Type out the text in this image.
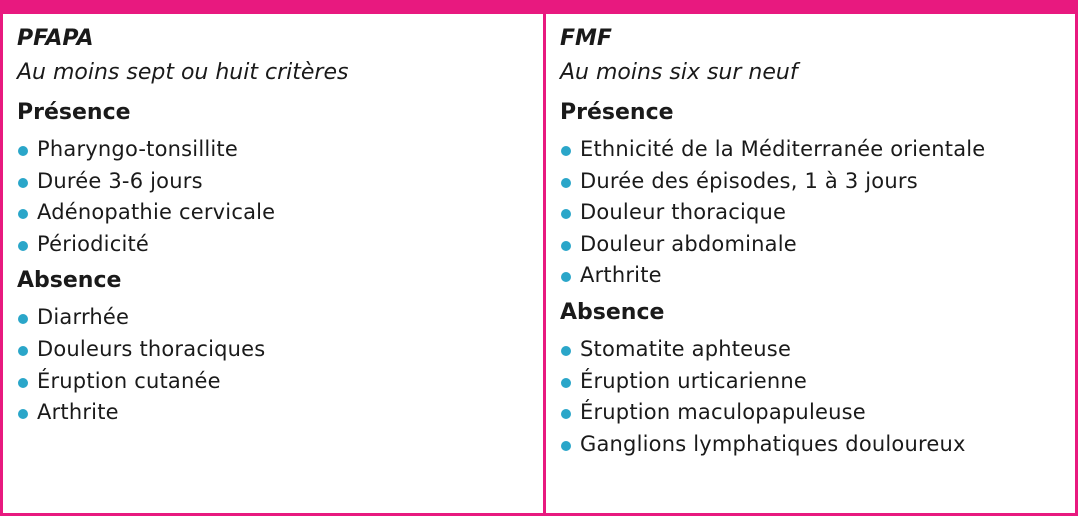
PFAPA

Au moins sept ou huit critères

Présence

Pharyngo-tonsillite
Durée 3-6 jours
Adénopathie cervicale
Périodicité

Absence

Diarrhée
Douleurs thoraciques
Éruption cutanée
Arthrite

FMF

Au moins six sur neuf

Présence

Ethnicité de la Méditerranée orientale
Durée des épisodes, 1 à 3 jours
Douleur thoracique
Douleur abdominale
Arthrite

Absence

Stomatite aphteuse
Éruption urticarienne
Éruption maculopapuleuse
Ganglions lymphatiques douloureux
